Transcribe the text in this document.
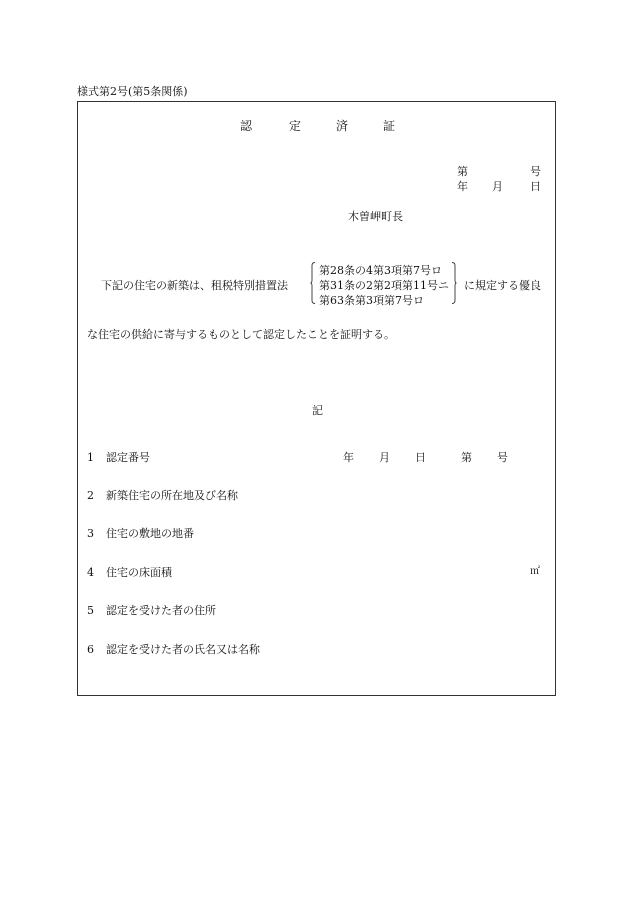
様式第2号(第5条関係)
認	定	済	証
第	号
年 月 日
木曽岬町長
下記の住宅の新築は、租税特別措置法
第28条の4第3項第7号ロ
第31条の2第2項第11号ニ
第63条第3項第7号ロ
に規定する優良
な住宅の供給に寄与するものとして認定したことを証明する。
記
1 認定番号	年 月 日	第 号
2 新築住宅の所在地及び名称
3 住宅の敷地の地番
4 住宅の床面積	㎡
5 認定を受けた者の住所
6 認定を受けた者の氏名又は名称
